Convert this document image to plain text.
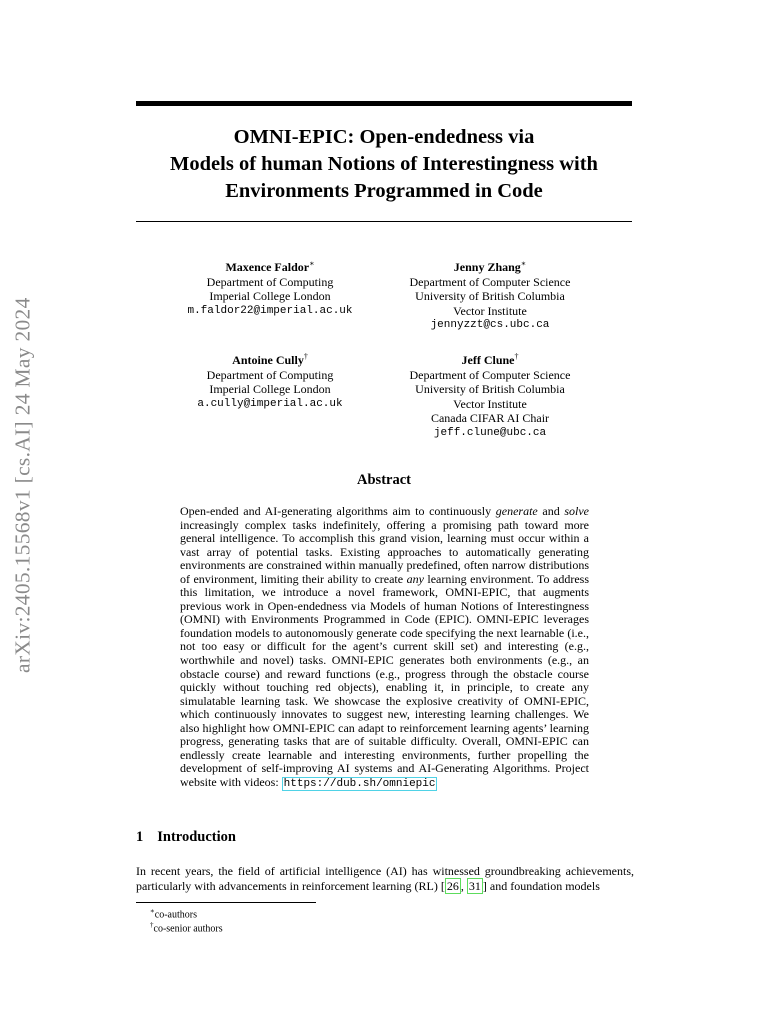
arXiv:2405.15568v1 [cs.AI] 24 May 2024
OMNI-EPIC: Open-endedness via
Models of human Notions of Interestingness with
Environments Programmed in Code
Maxence Faldor∗
Department of Computing
Imperial College London
m.faldor22@imperial.ac.uk
Jenny Zhang∗
Department of Computer Science
University of British Columbia
Vector Institute
jennyzzt@cs.ubc.ca
Antoine Cully†
Department of Computing
Imperial College London
a.cully@imperial.ac.uk
Jeff Clune†
Department of Computer Science
University of British Columbia
Vector Institute
Canada CIFAR AI Chair
jeff.clune@ubc.ca
Abstract
Open-ended and AI-generating algorithms aim to continuously generate and solve increasingly complex tasks indefinitely, offering a promising path toward more general intelligence. To accomplish this grand vision, learning must occur within a vast array of potential tasks. Existing approaches to automatically generating environments are constrained within manually predefined, often narrow distributions of environment, limiting their ability to create any learning environment. To address this limitation, we introduce a novel framework, OMNI-EPIC, that augments previous work in Open-endedness via Models of human Notions of Interestingness (OMNI) with Environments Programmed in Code (EPIC). OMNI-EPIC leverages foundation models to autonomously generate code specifying the next learnable (i.e., not too easy or difficult for the agent’s current skill set) and interesting (e.g., worthwhile and novel) tasks. OMNI-EPIC generates both environments (e.g., an obstacle course) and reward functions (e.g., progress through the obstacle course quickly without touching red objects), enabling it, in principle, to create any simulatable learning task. We showcase the explosive creativity of OMNI-EPIC, which continuously innovates to suggest new, interesting learning challenges. We also highlight how OMNI-EPIC can adapt to reinforcement learning agents’ learning progress, generating tasks that are of suitable difficulty. Overall, OMNI-EPIC can endlessly create learnable and interesting environments, further propelling the development of self-improving AI systems and AI-Generating Algorithms. Project website with videos: https://dub.sh/omniepic
1 Introduction
In recent years, the field of artificial intelligence (AI) has witnessed groundbreaking achievements, particularly with advancements in reinforcement learning (RL) [ 26 , 31 ] and foundation models
∗co-authors
†co-senior authors
